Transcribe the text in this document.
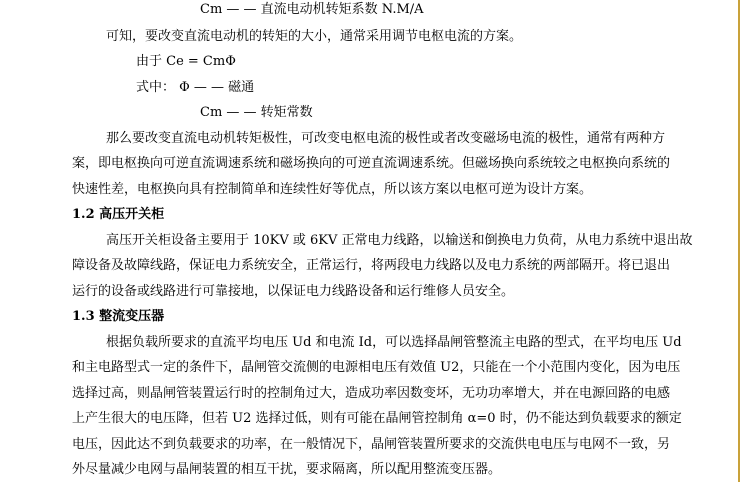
Cm — — 直流电动机转矩系数 N.M/A
可知，要改变直流电动机的转矩的大小，通常采用调节电枢电流的方案。
由于 Ce = CmΦ
式中： Φ — — 磁通
Cm — — 转矩常数
那么要改变直流电动机转矩极性，可改变电枢电流的极性或者改变磁场电流的极性，通常有两种方
案，即电枢换向可逆直流调速系统和磁场换向的可逆直流调速系统。但磁场换向系统较之电枢换向系统的
快速性差，电枢换向具有控制简单和连续性好等优点，所以该方案以电枢可逆为设计方案。
1.2 高压开关柜
高压开关柜设备主要用于 10KV 或 6KV 正常电力线路，以输送和倒换电力负荷，从电力系统中退出故
障设备及故障线路，保证电力系统安全，正常运行，将两段电力线路以及电力系统的两部隔开。将已退出
运行的设备或线路进行可靠接地，以保证电力线路设备和运行维修人员安全。
1.3 整流变压器
根据负载所要求的直流平均电压 Ud 和电流 Id，可以选择晶闸管整流主电路的型式，在平均电压 Ud
和主电路型式一定的条件下，晶闸管交流侧的电源相电压有效值 U2，只能在一个小范围内变化，因为电压
选择过高，则晶闸管装置运行时的控制角过大，造成功率因数变坏，无功功率增大，并在电源回路的电感
上产生很大的电压降，但若 U2 选择过低，则有可能在晶闸管控制角 α=0 时，仍不能达到负载要求的额定
电压，因此达不到负载要求的功率，在一般情况下，晶闸管装置所要求的交流供电电压与电网不一致，另
外尽量减少电网与晶闸装置的相互干扰，要求隔离，所以配用整流变压器。
